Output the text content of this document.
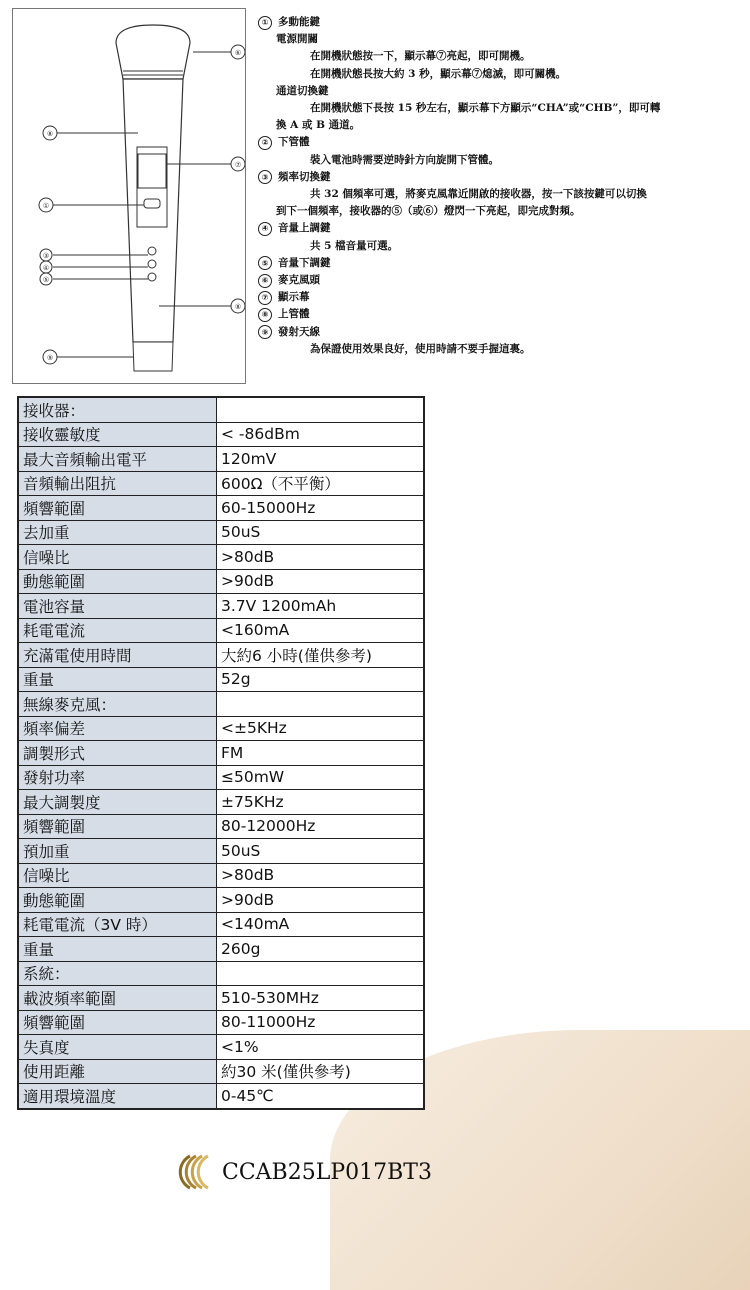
⑥
⑧
⑦
①
③
④
⑤
⑧
⑨
① 多動能鍵
電源開關
在開機狀態按一下，顯示幕⑦亮起，即可開機。
在開機狀態長按大約 3 秒，顯示幕⑦熄滅，即可關機。
通道切換鍵
在開機狀態下長按 15 秒左右，顯示幕下方顯示“CHA”或“CHB”，即可轉
換 A 或 B 通道。
② 下管體
裝入電池時需要逆時針方向旋開下管體。
③ 頻率切換鍵
共 32 個頻率可選，將麥克風靠近開啟的接收器，按一下該按鍵可以切換
到下一個頻率，接收器的⑤（或⑥）燈閃一下亮起，即完成對頻。
④ 音量上調鍵
共 5 檔音量可選。
⑤ 音量下調鍵
⑥ 麥克風頭
⑦ 顯示幕
⑧ 上管體
⑨ 發射天線
為保證使用效果良好，使用時請不要手握這裏。
接收器：	
接收靈敏度	< -86dBm
最大音頻輸出電平	120mV
音頻輸出阻抗	600Ω（不平衡）
頻響範圍	60-15000Hz
去加重	50uS
信噪比	>80dB
動態範圍	>90dB
電池容量	3.7V 1200mAh
耗電電流	<160mA
充滿電使用時間	大約6 小時(僅供參考)
重量	52g
無線麥克風：	
頻率偏差	<±5KHz
調製形式	FM
發射功率	≤50mW
最大調製度	±75KHz
頻響範圍	80-12000Hz
預加重	50uS
信噪比	>80dB
動態範圍	>90dB
耗電電流（3V 時）	<140mA
重量	260g
系統：	
載波頻率範圍	510-530MHz
頻響範圍	80-11000Hz
失真度	<1%
使用距離	約30 米(僅供參考)
適用環境溫度	0-45℃
CCAB25LP017BT3
